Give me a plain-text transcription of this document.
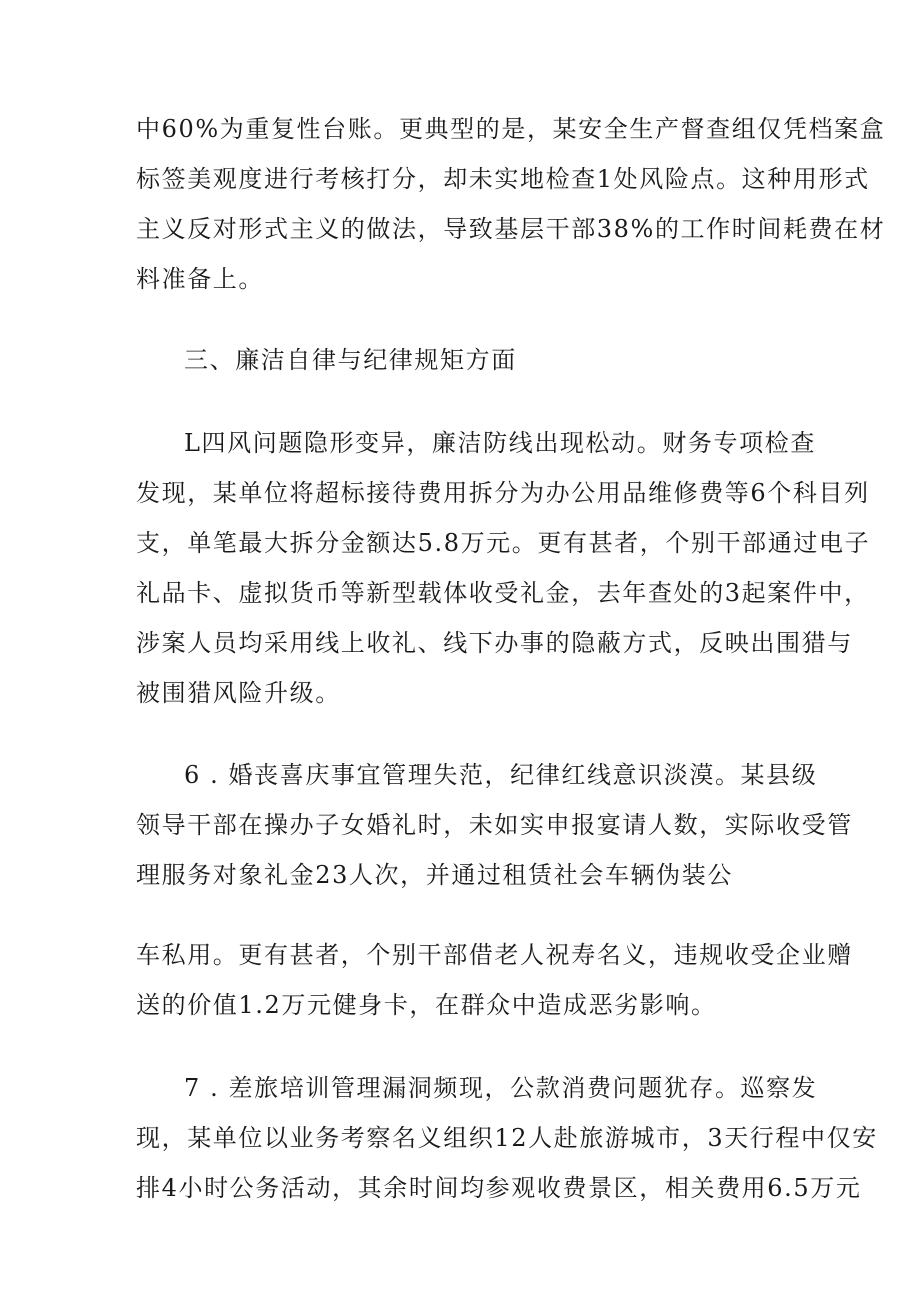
中60%为重复性台账。更典型的是，某安全生产督查组仅凭档案盒
标签美观度进行考核打分，却未实地检查1处风险点。这种用形式
主义反对形式主义的做法，导致基层干部38%的工作时间耗费在材
料准备上。
三、廉洁自律与纪律规矩方面
L四风问题隐形变异，廉洁防线出现松动。财务专项检查
发现，某单位将超标接待费用拆分为办公用品维修费等6个科目列
支，单笔最大拆分金额达5.8万元。更有甚者，个别干部通过电子
礼品卡、虚拟货币等新型载体收受礼金，去年查处的3起案件中，
涉案人员均采用线上收礼、线下办事的隐蔽方式，反映出围猎与
被围猎风险升级。
6 . 婚丧喜庆事宜管理失范，纪律红线意识淡漠。某县级
领导干部在操办子女婚礼时，未如实申报宴请人数，实际收受管
理服务对象礼金23人次，并通过租赁社会车辆伪装公
车私用。更有甚者，个别干部借老人祝寿名义，违规收受企业赠
送的价值1.2万元健身卡，在群众中造成恶劣影响。
7 . 差旅培训管理漏洞频现，公款消费问题犹存。巡察发
现，某单位以业务考察名义组织12人赴旅游城市，3天行程中仅安
排4小时公务活动，其余时间均参观收费景区，相关费用6.5万元
